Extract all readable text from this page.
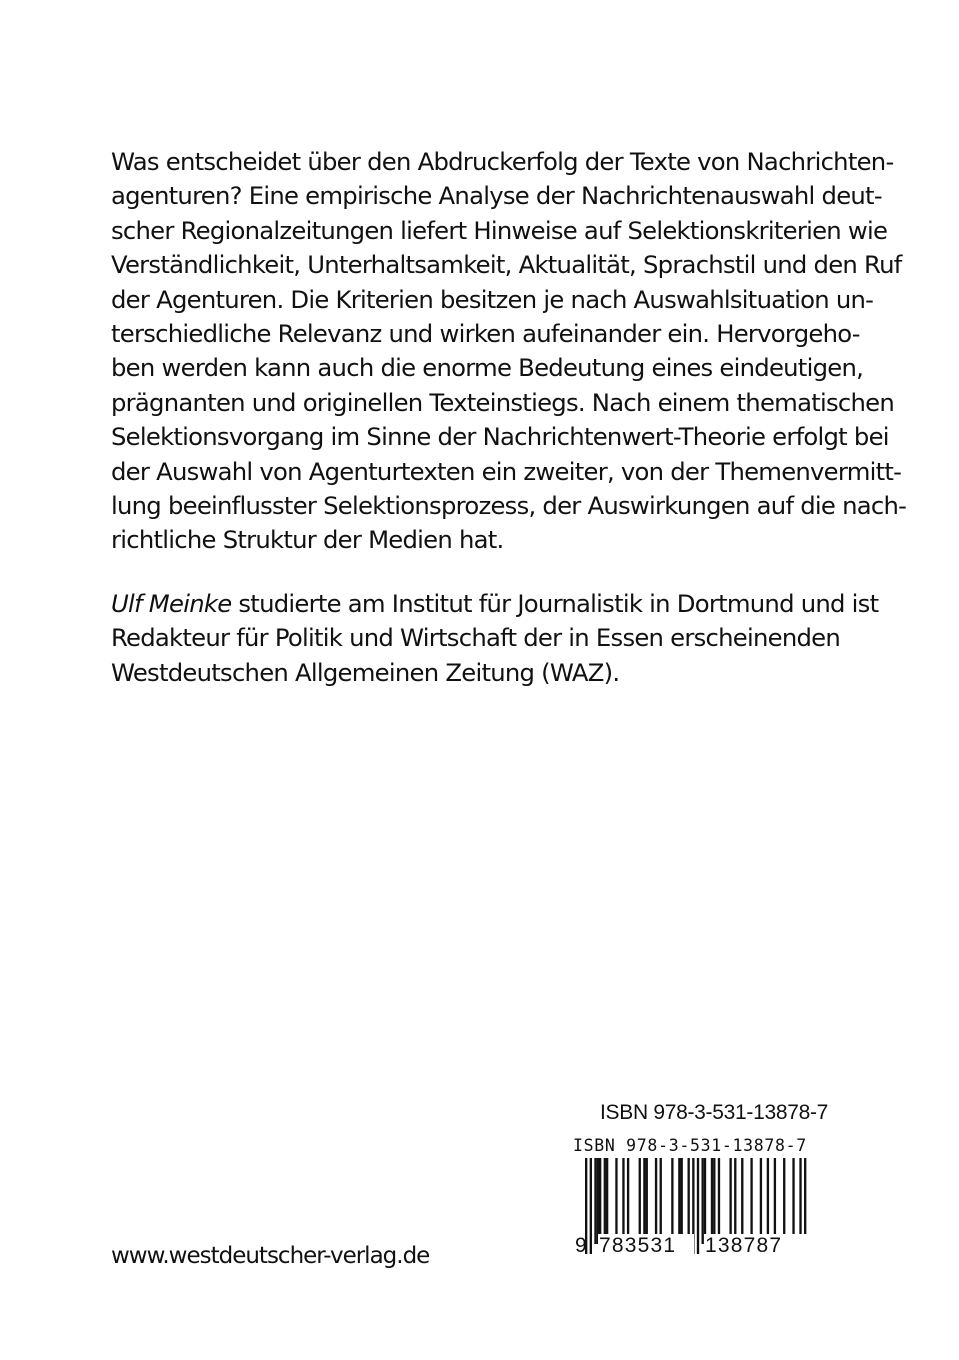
Was entscheidet über den Abdruckerfolg der Texte von Nachrichten-
agenturen? Eine empirische Analyse der Nachrichtenauswahl deut-
scher Regionalzeitungen liefert Hinweise auf Selektionskriterien wie
Verständlichkeit, Unterhaltsamkeit, Aktualität, Sprachstil und den Ruf
der Agenturen. Die Kriterien besitzen je nach Auswahlsituation un-
terschiedliche Relevanz und wirken aufeinander ein. Hervorgeho-
ben werden kann auch die enorme Bedeutung eines eindeutigen,
prägnanten und originellen Texteinstiegs. Nach einem thematischen
Selektionsvorgang im Sinne der Nachrichtenwert-Theorie erfolgt bei
der Auswahl von Agenturtexten ein zweiter, von der Themenvermitt-
lung beeinflusster Selektionsprozess, der Auswirkungen auf die nach-
richtliche Struktur der Medien hat.
Ulf Meinke studierte am Institut für Journalistik in Dortmund und ist
Redakteur für Politik und Wirtschaft der in Essen erscheinenden
Westdeutschen Allgemeinen Zeitung (WAZ).
ISBN 978-3-531-13878-7
ISBN 978-3-531-13878-7
9 783531	138787
www.westdeutscher-verlag.de
